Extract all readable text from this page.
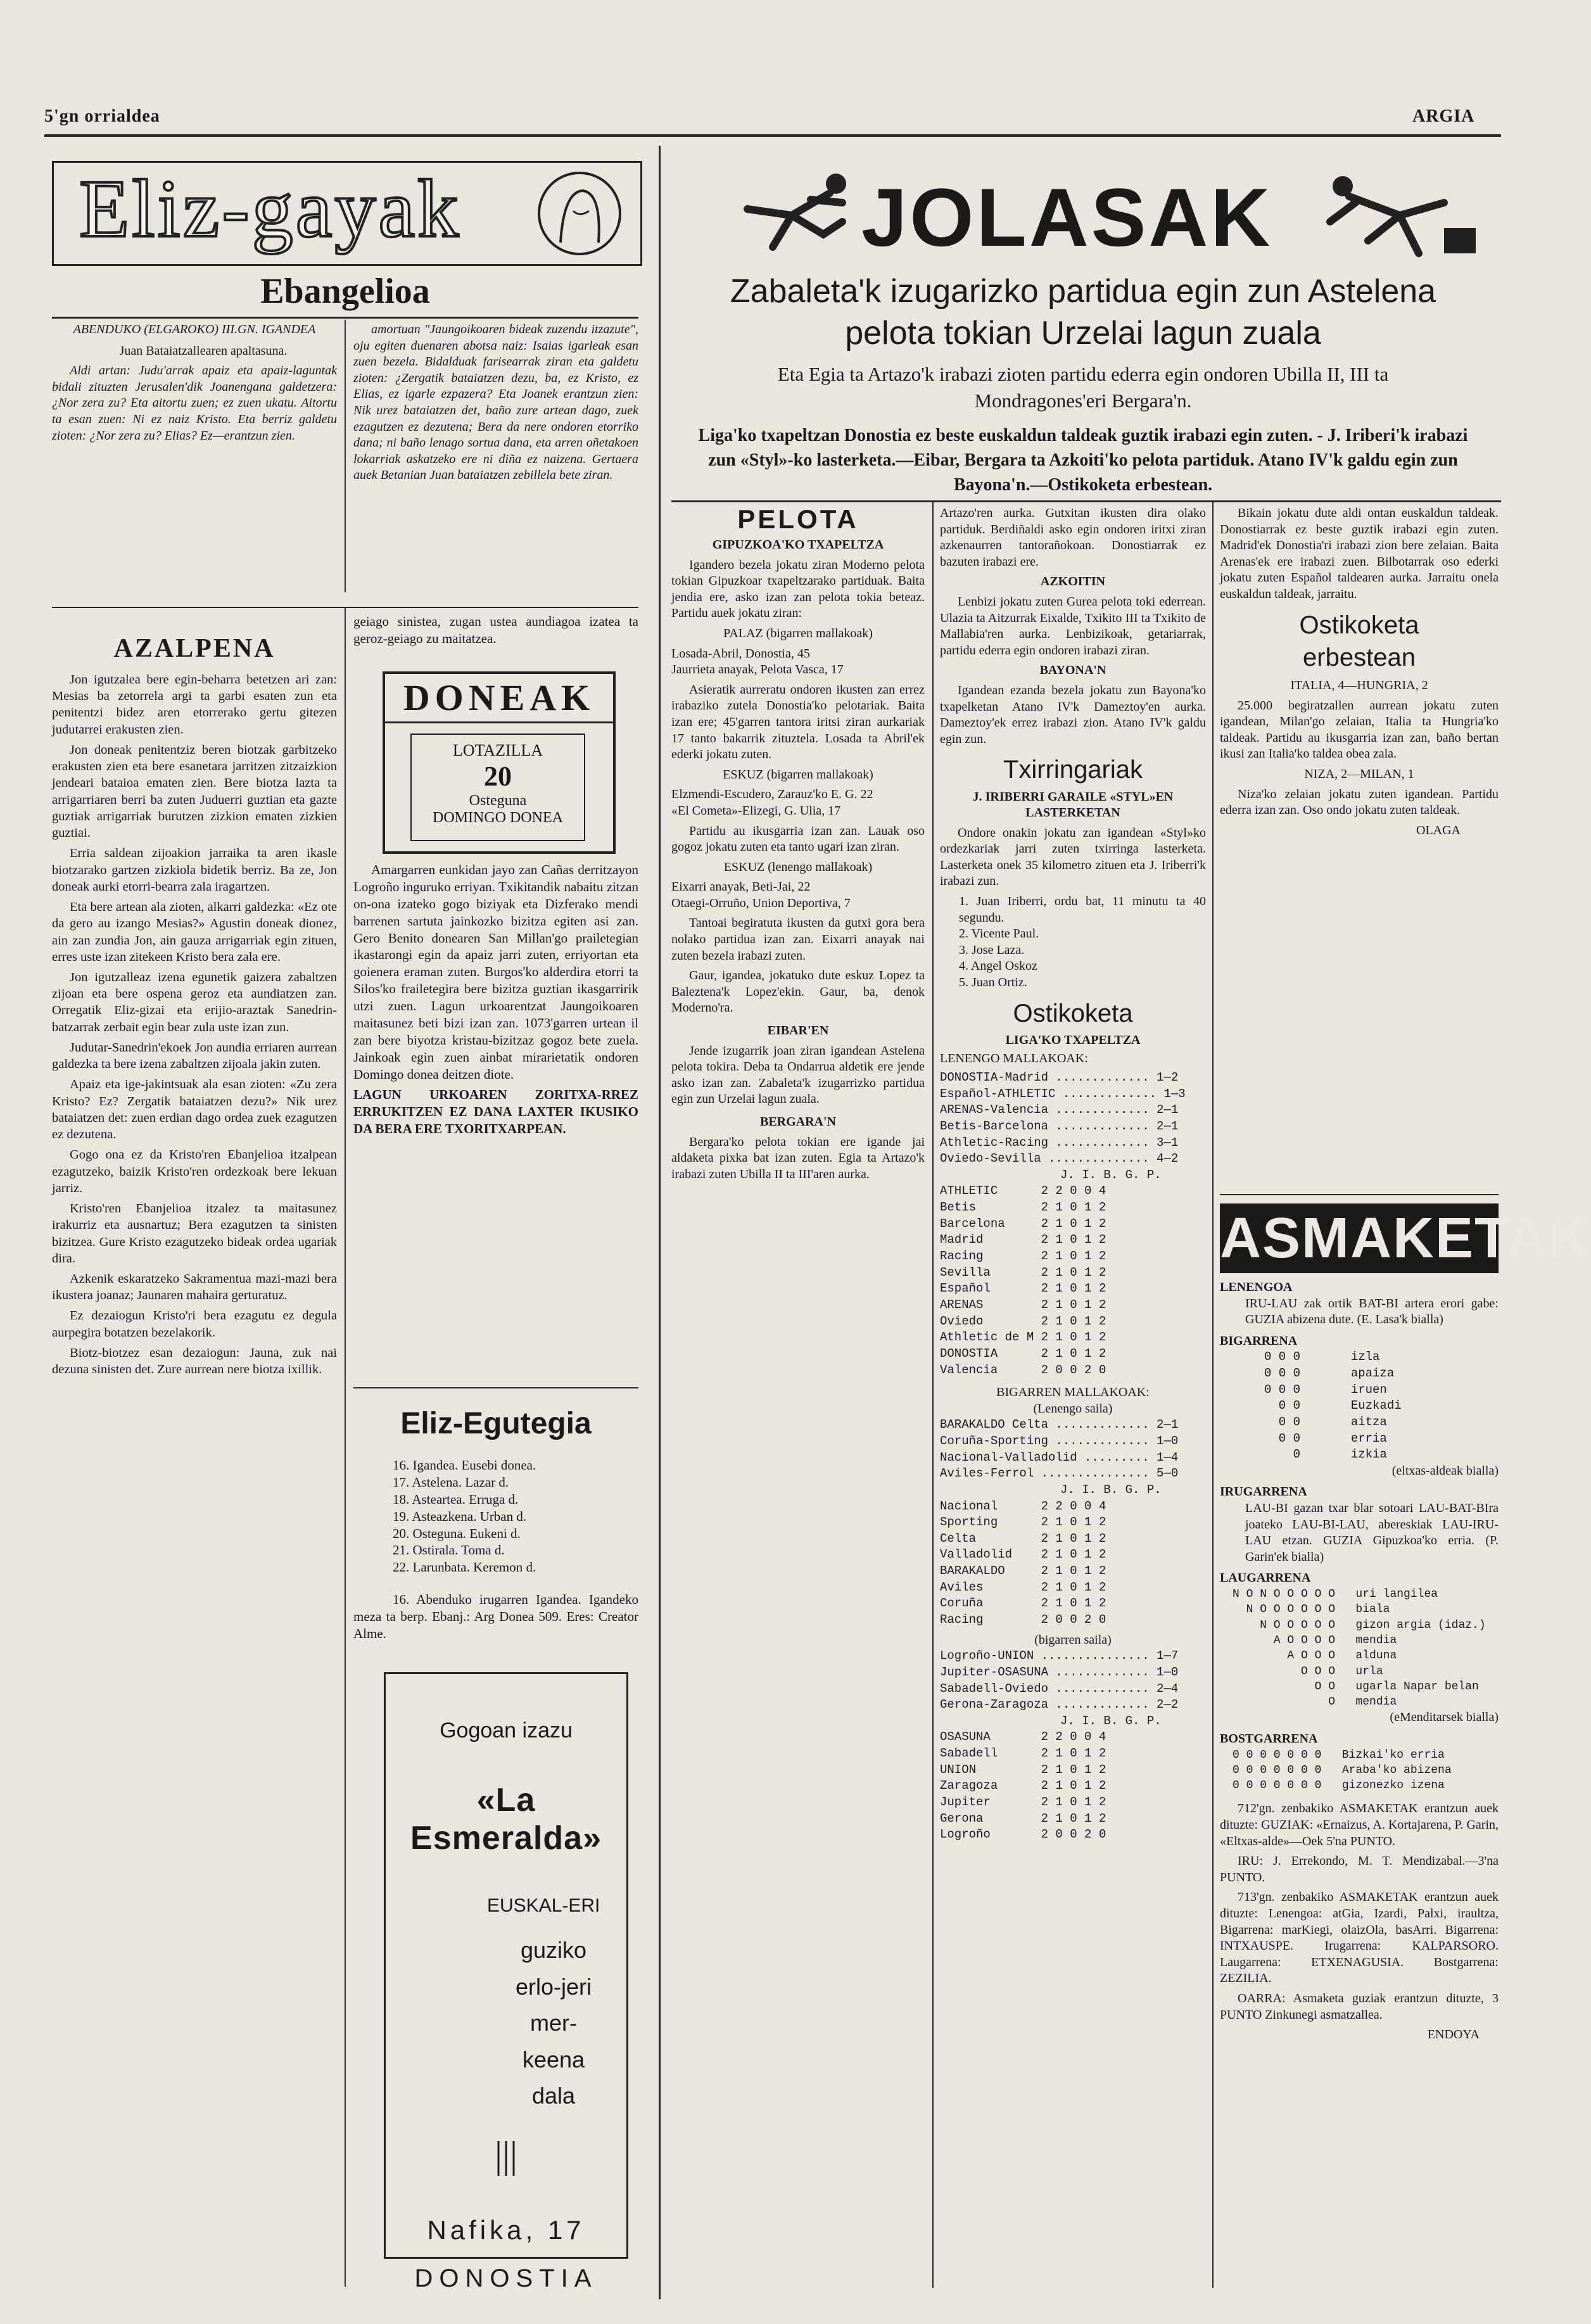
5'gn orrialdea	ARGIA
Eliz-gayak
Ebangelioa
ABENDUKO (ELGAROKO) III.GN. IGANDEA

Juan Bataiatzallearen apaltasuna.

Aldi artan: Judu'arrak apaiz eta apaiz-laguntak bidali zituzten Jerusalen'dik Joanengana galdetzera: ¿Nor zera zu? Eta aitortu zuen; ez zuen ukatu. Aitortu ta esan zuen: Ni ez naiz Kristo. Eta berriz galdetu zioten: ¿Nor zera zu? Elias? Ez—erantzun zien.

amortuan "Jaungoikoaren bideak zuzendu itzazute", oju egiten duenaren abotsa naiz: Isaias igarleak esan zuen bezela. Bidalduak farisearrak ziran eta galdetu zioten: ¿Zergatik bataiatzen dezu, ba, ez Kristo, ez Elias, ez igarle ezpazera? Eta Joanek erantzun zien: Nik urez bataiatzen det, baño zure artean dago, zuek ezagutzen ez dezutena; Bera da nere ondoren etorriko dana; ni baño lenago sortua dana, eta arren oñetakoen lokarriak askatzeko ere ni diña ez naizena. Gertaera auek Betanian Juan bataiatzen zebillela bete ziran.

AZALPENA

Jon igutzalea bere egin-beharra betetzen ari zan: Mesias ba zetorrela argi ta garbi esaten zun eta penitentzi bidez aren etorrerako gertu gitezen judutarrei erakusten zien.

Jon doneak penitentziz beren biotzak garbitzeko erakusten zien eta bere esanetara jarritzen zitzaizkion jendeari bataioa ematen zien. Bere biotza lazta ta arrigarriaren berri ba zuten Juduerri guztian eta gazte guztiak arrigarriak burutzen zizkion ematen zizkien guztiai.

Erria saldean zijoakion jarraika ta aren ikasle biotzarako gartzen zizkiola bidetik berriz. Ba ze, Jon doneak aurki etorri-bearra zala iragartzen.

Eta bere artean ala zioten, alkarri galdezka: «Ez ote da gero au izango Mesias?» Agustin doneak dionez, ain zan zundia Jon, ain gauza arrigarriak egin zituen, erres uste izan zitekeen Kristo bera zala ere.

Jon igutzalleaz izena egunetik gaizera zabaltzen zijoan eta bere ospena geroz eta aundiatzen zan. Orregatik Eliz-gizai eta erijio-araztak Sanedrin-batzarrak zerbait egin bear zula uste izan zun.

Judutar-Sanedrin'ekoek Jon aundia erriaren aurrean galdezka ta bere izena zabaltzen zijoala jakin zuten.

Apaiz eta ige-jakintsuak ala esan zioten: «Zu zera Kristo? Ez? Zergatik bataiatzen dezu?» Nik urez bataiatzen det: zuen erdian dago ordea zuek ezagutzen ez dezutena.

Gogo ona ez da Kristo'ren Ebanjelioa itzalpean ezagutzeko, baizik Kristo'ren ordezkoak bere lekuan jarriz.

Kristo'ren Ebanjelioa itzalez ta maitasunez irakurriz eta ausnartuz; Bera ezagutzen ta sinisten bizitzea. Gure Kristo ezagutzeko bideak ordea ugariak dira.

Azkenik eskaratzeko Sakramentua mazi-mazi bera ikustera joanaz; Jaunaren mahaira gerturatuz.

Ez dezaiogun Kristo'ri bera ezagutu ez degula aurpegira botatzen bezelakorik.

Biotz-biotzez esan dezaiogun: Jauna, zuk nai dezuna sinisten det. Zure aurrean nere biotza ixillik.

geiago sinistea, zugan ustea aundiagoa izatea ta geroz-geiago zu maitatzea.

DONEAK
LOTAZILLA
20
Osteguna
DOMINGO DONEA

Amargarren eunkidan jayo zan Cañas derritzayon Logroño inguruko erriyan. Txikitandik nabaitu zitzan on-ona izateko gogo biziyak eta Dizferako mendi barrenen sartuta jainkozko bizitza egiten asi zan. Gero Benito donearen San Millan'go prailetegian ikastarongi egin da apaiz jarri zuten, erriyortan eta goienera eraman zuten. Burgos'ko alderdira etorri ta Silos'ko frailetegira bere bizitza guztian ikasgarririk utzi zuen. Lagun urkoarentzat Jaungoikoaren maitasunez beti bizi izan zan. 1073'garren urtean il zan bere biyotza kristau-bizitzaz gogoz bete zuela. Jainkoak egin zuen ainbat mirarietatik ondoren Domingo donea deitzen diote.

LAGUN URKOAREN ZORITXA-RREZ ERRUKITZEN EZ DANA LAXTER IKUSIKO DA BERA ERE TXORITXARPEAN.

Eliz-Egutegia
16. Igandea. Eusebi donea.
17. Astelena. Lazar d.
18. Asteartea. Erruga d.
19. Asteazkena. Urban d.
20. Osteguna. Eukeni d.
21. Ostirala. Toma d.
22. Larunbata. Keremon d.

16. Abenduko irugarren Igandea. Igandeko meza ta berp. Ebanj.: Arg Donea 509. Eres: Creator Alme.

Gogoan izazu
«La Esmeralda»
EUSKAL-ERI
guziko erlo-jeri mer-keena dala
|||
Nafika, 17
DONOSTIA
JOLASAK
Zabaleta'k izugarizko partidua egin zun Astelena
pelota tokian Urzelai lagun zuala
Eta Egia ta Artazo'k irabazi zioten partidu ederra egin ondoren Ubilla II, III ta Mondragones'eri Bergara'n.
Liga'ko txapeltzan Donostia ez beste euskaldun taldeak guztik irabazi egin zuten. - J. Iriberi'k irabazi zun «Styl»-ko lasterketa.—Eibar, Bergara ta Azkoiti'ko pelota partiduk. Atano IV'k galdu egin zun Bayona'n.—Ostikoketa erbestean.
PELOTA
GIPUZKOA'KO TXAPELTZA

Igandero bezela jokatu ziran Moderno pelota tokian Gipuzkoar txapeltzarako partiduak. Baita jendia ere, asko izan zan pelota tokia beteaz. Partidu auek jokatu ziran:

PALAZ (bigarren mallakoak)
Losada-Abril, Donostia, 45
Jaurrieta anayak, Pelota Vasca, 17

Asieratik aurreratu ondoren ikusten zan errez irabaziko zutela Donostia'ko pelotariak. Baita izan ere; 45'garren tantora iritsi ziran aurkariak 17 tanto bakarrik zituztela. Losada ta Abril'ek ederki jokatu zuten.

ESKUZ (bigarren mallakoak)
Elzmendi-Escudero, Zarauz'ko E. G. 22
«El Cometa»-Elizegi, G. Ulia, 17

Partidu au ikusgarria izan zan. Lauak oso gogoz jokatu zuten eta tanto ugari izan ziran.

ESKUZ (lenengo mallakoak)
Eixarri anayak, Beti-Jai, 22
Otaegi-Orruño, Union Deportiva, 7

Tantoai begiratuta ikusten da gutxi gora bera nolako partidua izan zan. Eixarri anayak nai zuten bezela irabazi zuten.

Gaur, igandea, jokatuko dute eskuz Lopez ta Baleztena'k Lopez'ekin. Gaur, ba, denok Moderno'ra.

EIBAR'EN

Jende izugarrik joan ziran igandean Astelena pelota tokira. Deba ta Ondarrua aldetik ere jende asko izan zan. Zabaleta'k izugarrizko partidua egin zun Urzelai lagun zuala.

BERGARA'N

Bergara'ko pelota tokian ere igande jai aldaketa pixka bat izan zuten. Egia ta Artazo'k irabazi zuten Ubilla II ta III'aren aurka.

Artazo'ren aurka. Gutxitan ikusten dira olako partiduk. Berdiñaldi asko egin ondoren iritxi ziran azkenaurren tantorañokoan. Donostiarrak ez bazuten irabazi ere.

AZKOITIN

Lenbizi jokatu zuten Gurea pelota toki ederrean. Ulazia ta Aitzurrak Eixalde, Txikito III ta Txikito de Mallabia'ren aurka. Lenbizikoak, getariarrak, partidu ederra egin ondoren irabazi ziran.

BAYONA'N

Igandean ezanda bezela jokatu zun Bayona'ko txapelketan Atano IV'k Dameztoy'en aurka. Dameztoy'ek errez irabazi zion. Atano IV'k galdu egin zun.

Txirringariak
J. IRIBERRI GARAILE «STYL»EN LASTERKETAN

Ondore onakin jokatu zan igandean «Styl»ko ordezkariak jarri zuten txirringa lasterketa. Lasterketa onek 35 kilometro zituen eta J. Iriberri'k irabazi zun.

1. Juan Iriberri, ordu bat, 11 minutu ta 40 segundu.
2. Vicente Paul.
3. Jose Laza.
4. Angel Oskoz
5. Juan Ortiz.
Ostikoketa
LIGA'KO TXAPELTZA
LENENGO MALLAKOAK:
DONOSTIA-Madrid ............. 1—2
Español-ATHLETIC ............. 1—3
ARENAS-Valencia ............. 2—1
Betis-Barcelona ............. 2—1
Athletic-Racing ............. 3—1
Oviedo-Sevilla .............. 4—2
J. I. B. G. P.
ATHLETIC      2 2 0 0 4
Betis         2 1 0 1 2
Barcelona     2 1 0 1 2
Madrid        2 1 0 1 2
Racing        2 1 0 1 2
Sevilla       2 1 0 1 2
Español       2 1 0 1 2
ARENAS        2 1 0 1 2
Oviedo        2 1 0 1 2
Athletic de M 2 1 0 1 2
DONOSTIA      2 1 0 1 2
Valencia      2 0 0 2 0
BIGARREN MALLAKOAK:
(Lenengo saila)
BARAKALDO Celta ............. 2—1
Coruña-Sporting ............. 1—0
Nacional-Valladolid ......... 1—4
Aviles-Ferrol ............... 5—0
J. I. B. G. P.
Nacional      2 2 0 0 4
Sporting      2 1 0 1 2
Celta         2 1 0 1 2
Valladolid    2 1 0 1 2
BARAKALDO     2 1 0 1 2
Aviles        2 1 0 1 2
Coruña        2 1 0 1 2
Racing        2 0 0 2 0
(bigarren saila)
Logroño-UNION ............... 1—7
Jupiter-OSASUNA ............. 1—0
Sabadell-Oviedo ............. 2—4
Gerona-Zaragoza ............. 2—2
J. I. B. G. P.
OSASUNA       2 2 0 0 4
Sabadell      2 1 0 1 2
UNION         2 1 0 1 2
Zaragoza      2 1 0 1 2
Jupiter       2 1 0 1 2
Gerona        2 1 0 1 2
Logroño       2 0 0 2 0

Bikain jokatu dute aldi ontan euskaldun taldeak. Donostiarrak ez beste guztik irabazi egin zuten. Madrid'ek Donostia'ri irabazi zion bere zelaian. Baita Arenas'ek ere irabazi zuen. Bilbotarrak oso ederki jokatu zuten Español taldearen aurka. Jarraitu onela euskaldun taldeak, jarraitu.

Ostikoketa
erbestean
ITALIA, 4—HUNGRIA, 2

25.000 begiratzallen aurrean jokatu zuten igandean, Milan'go zelaian, Italia ta Hungria'ko taldeak. Partidu au ikusgarria izan zan, baño bertan ikusi zan Italia'ko taldea obea zala.

NIZA, 2—MILAN, 1

Niza'ko zelaian jokatu zuten igandean. Partidu ederra izan zan. Oso ondo jokatu zuten taldeak.

OLAGA
ASMAKETAK
LENENGOA

IRU-LAU zak ortik BAT-BI artera erori gabe: GUZIA abizena dute. (E. Lasa'k bialla)

BIGARRENA
0 0 0       izla
0 0 0       apaiza
0 0 0       iruen
0 0       Euzkadi
0 0       aitza
0 0       erria
0       izkia
(eltxas-aldeak bialla)
IRUGARRENA

LAU-BI gazan txar blar sotoari LAU-BAT-BIra joateko LAU-BI-LAU, abereskiak LAU-IRU-LAU etzan. GUZIA Gipuzkoa'ko erria. (P. Garin'ek bialla)

LAUGARRENA
N O N O O O O O   uri langilea
N O O O O O O   biala
N O O O O O   gizon argia (idaz.)
A O O O O   mendia
A O O O   alduna
O O O   urla
O O   ugarla Napar belan
O   mendia
(eMenditarsek bialla)
BOSTGARRENA
0 0 0 0 0 0 0   Bizkai'ko erria
0 0 0 0 0 0 0   Araba'ko abizena
0 0 0 0 0 0 0   gizonezko izena

712'gn. zenbakiko ASMAKETAK erantzun auek dituzte: GUZIAK: «Ernaizus, A. Kortajarena, P. Garin, «Eltxas-alde»—Oek 5'na PUNTO.

IRU: J. Errekondo, M. T. Mendizabal.—3'na PUNTO.

713'gn. zenbakiko ASMAKETAK erantzun auek dituzte: Lenengoa: atGia, Izardi, Palxi, iraultza, Bigarrena: marKiegi, olaizOla, basArri. Bigarrena: INTXAUSPE. Irugarrena: KALPARSORO. Laugarrena: ETXENAGUSIA. Bostgarrena: ZEZILIA.

OARRA: Asmaketa guziak erantzun dituzte, 3 PUNTO Zinkunegi asmatzallea.

ENDOYA
